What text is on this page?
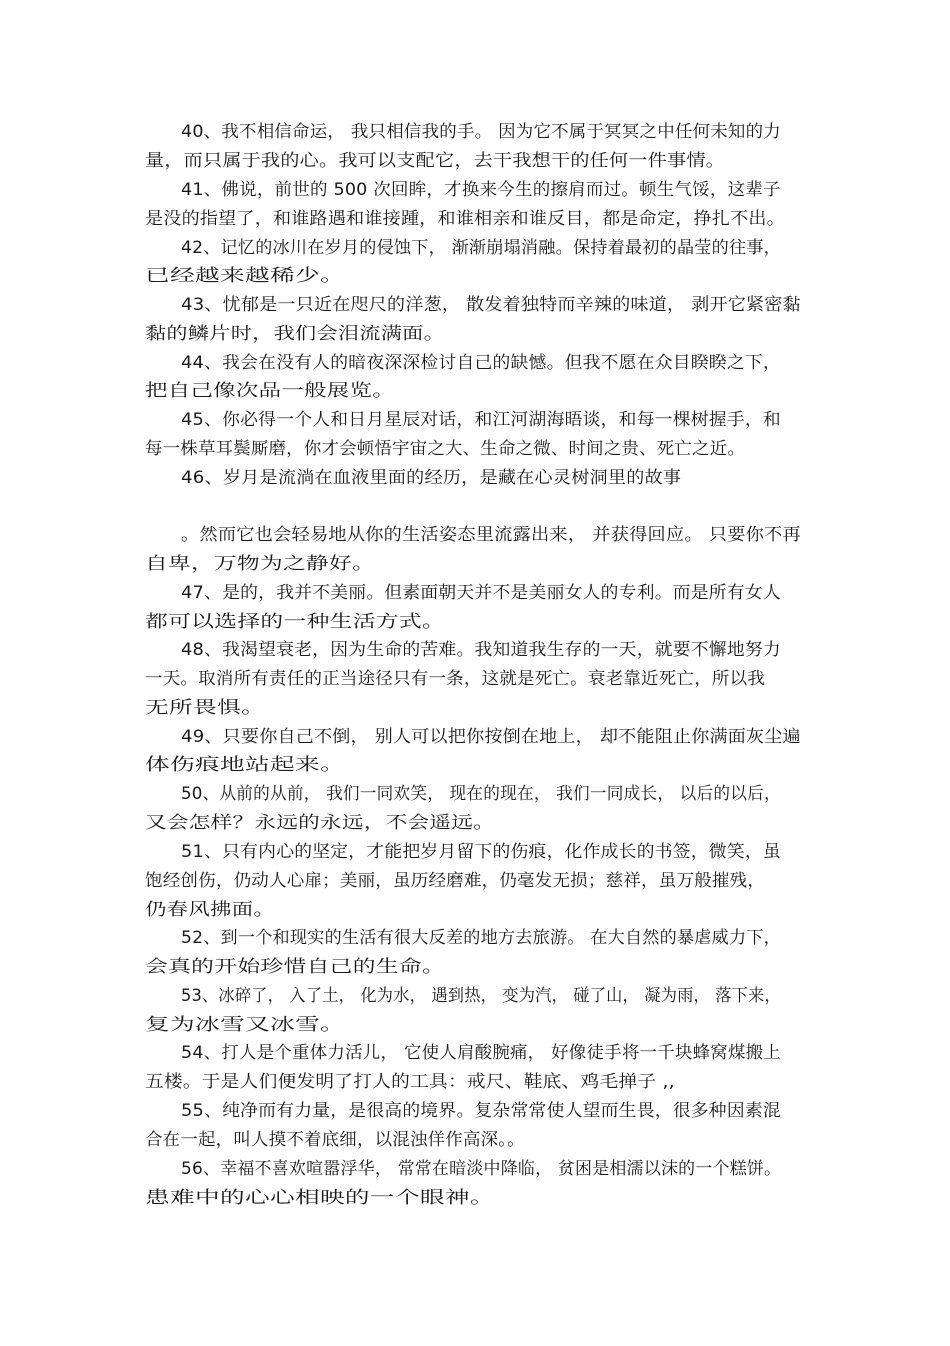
40、我不相信命运， 我只相信我的手。 因为它不属于冥冥之中任何未知的力
量，而只属于我的心。我可以支配它，去干我想干的任何一件事情。
41、佛说，前世的 500 次回眸，才换来今生的擦肩而过。顿生气馁，这辈子
是没的指望了，和谁路遇和谁接踵，和谁相亲和谁反目，都是命定，挣扎不出。
42、记忆的冰川在岁月的侵蚀下， 渐渐崩塌消融。保持着最初的晶莹的往事，
已经越来越稀少。
43、忧郁是一只近在咫尺的洋葱， 散发着独特而辛辣的味道， 剥开它紧密黏
黏的鳞片时，我们会泪流满面。
44、我会在没有人的暗夜深深检讨自己的缺憾。但我不愿在众目睽睽之下，
把自己像次品一般展览。
45、你必得一个人和日月星辰对话，和江河湖海晤谈，和每一棵树握手，和
每一株草耳鬓厮磨，你才会顿悟宇宙之大、生命之微、时间之贵、死亡之近。
46、岁月是流淌在血液里面的经历，是藏在心灵树洞里的故事
。然而它也会轻易地从你的生活姿态里流露出来， 并获得回应。 只要你不再
自卑，万物为之静好。
47、是的，我并不美丽。但素面朝天并不是美丽女人的专利。而是所有女人
都可以选择的一种生活方式。
48、我渴望衰老，因为生命的苦难。我知道我生存的一天，就要不懈地努力
一天。取消所有责任的正当途径只有一条，这就是死亡。衰老靠近死亡，所以我
无所畏惧。
49、只要你自己不倒， 别人可以把你按倒在地上， 却不能阻止你满面灰尘遍
体伤痕地站起来。
50、从前的从前， 我们一同欢笑， 现在的现在， 我们一同成长， 以后的以后，
又会怎样？永远的永远，不会遥远。
51、只有内心的坚定，才能把岁月留下的伤痕，化作成长的书签，微笑，虽
饱经创伤，仍动人心扉；美丽，虽历经磨难，仍毫发无损；慈祥，虽万般摧残，
仍春风拂面。
52、到一个和现实的生活有很大反差的地方去旅游。 在大自然的暴虐威力下，
会真的开始珍惜自己的生命。
53、冰碎了， 入了土， 化为水， 遇到热， 变为汽， 碰了山， 凝为雨， 落下来，
复为冰雪又冰雪。
54、打人是个重体力活儿， 它使人肩酸腕痛， 好像徒手将一千块蜂窝煤搬上
五楼。于是人们便发明了打人的工具：戒尺、鞋底、鸡毛掸子 ,,
55、纯净而有力量，是很高的境界。复杂常常使人望而生畏，很多种因素混
合在一起，叫人摸不着底细，以混浊佯作高深。。
56、幸福不喜欢喧嚣浮华， 常常在暗淡中降临， 贫困是相濡以沫的一个糕饼。
患难中的心心相映的一个眼神。
